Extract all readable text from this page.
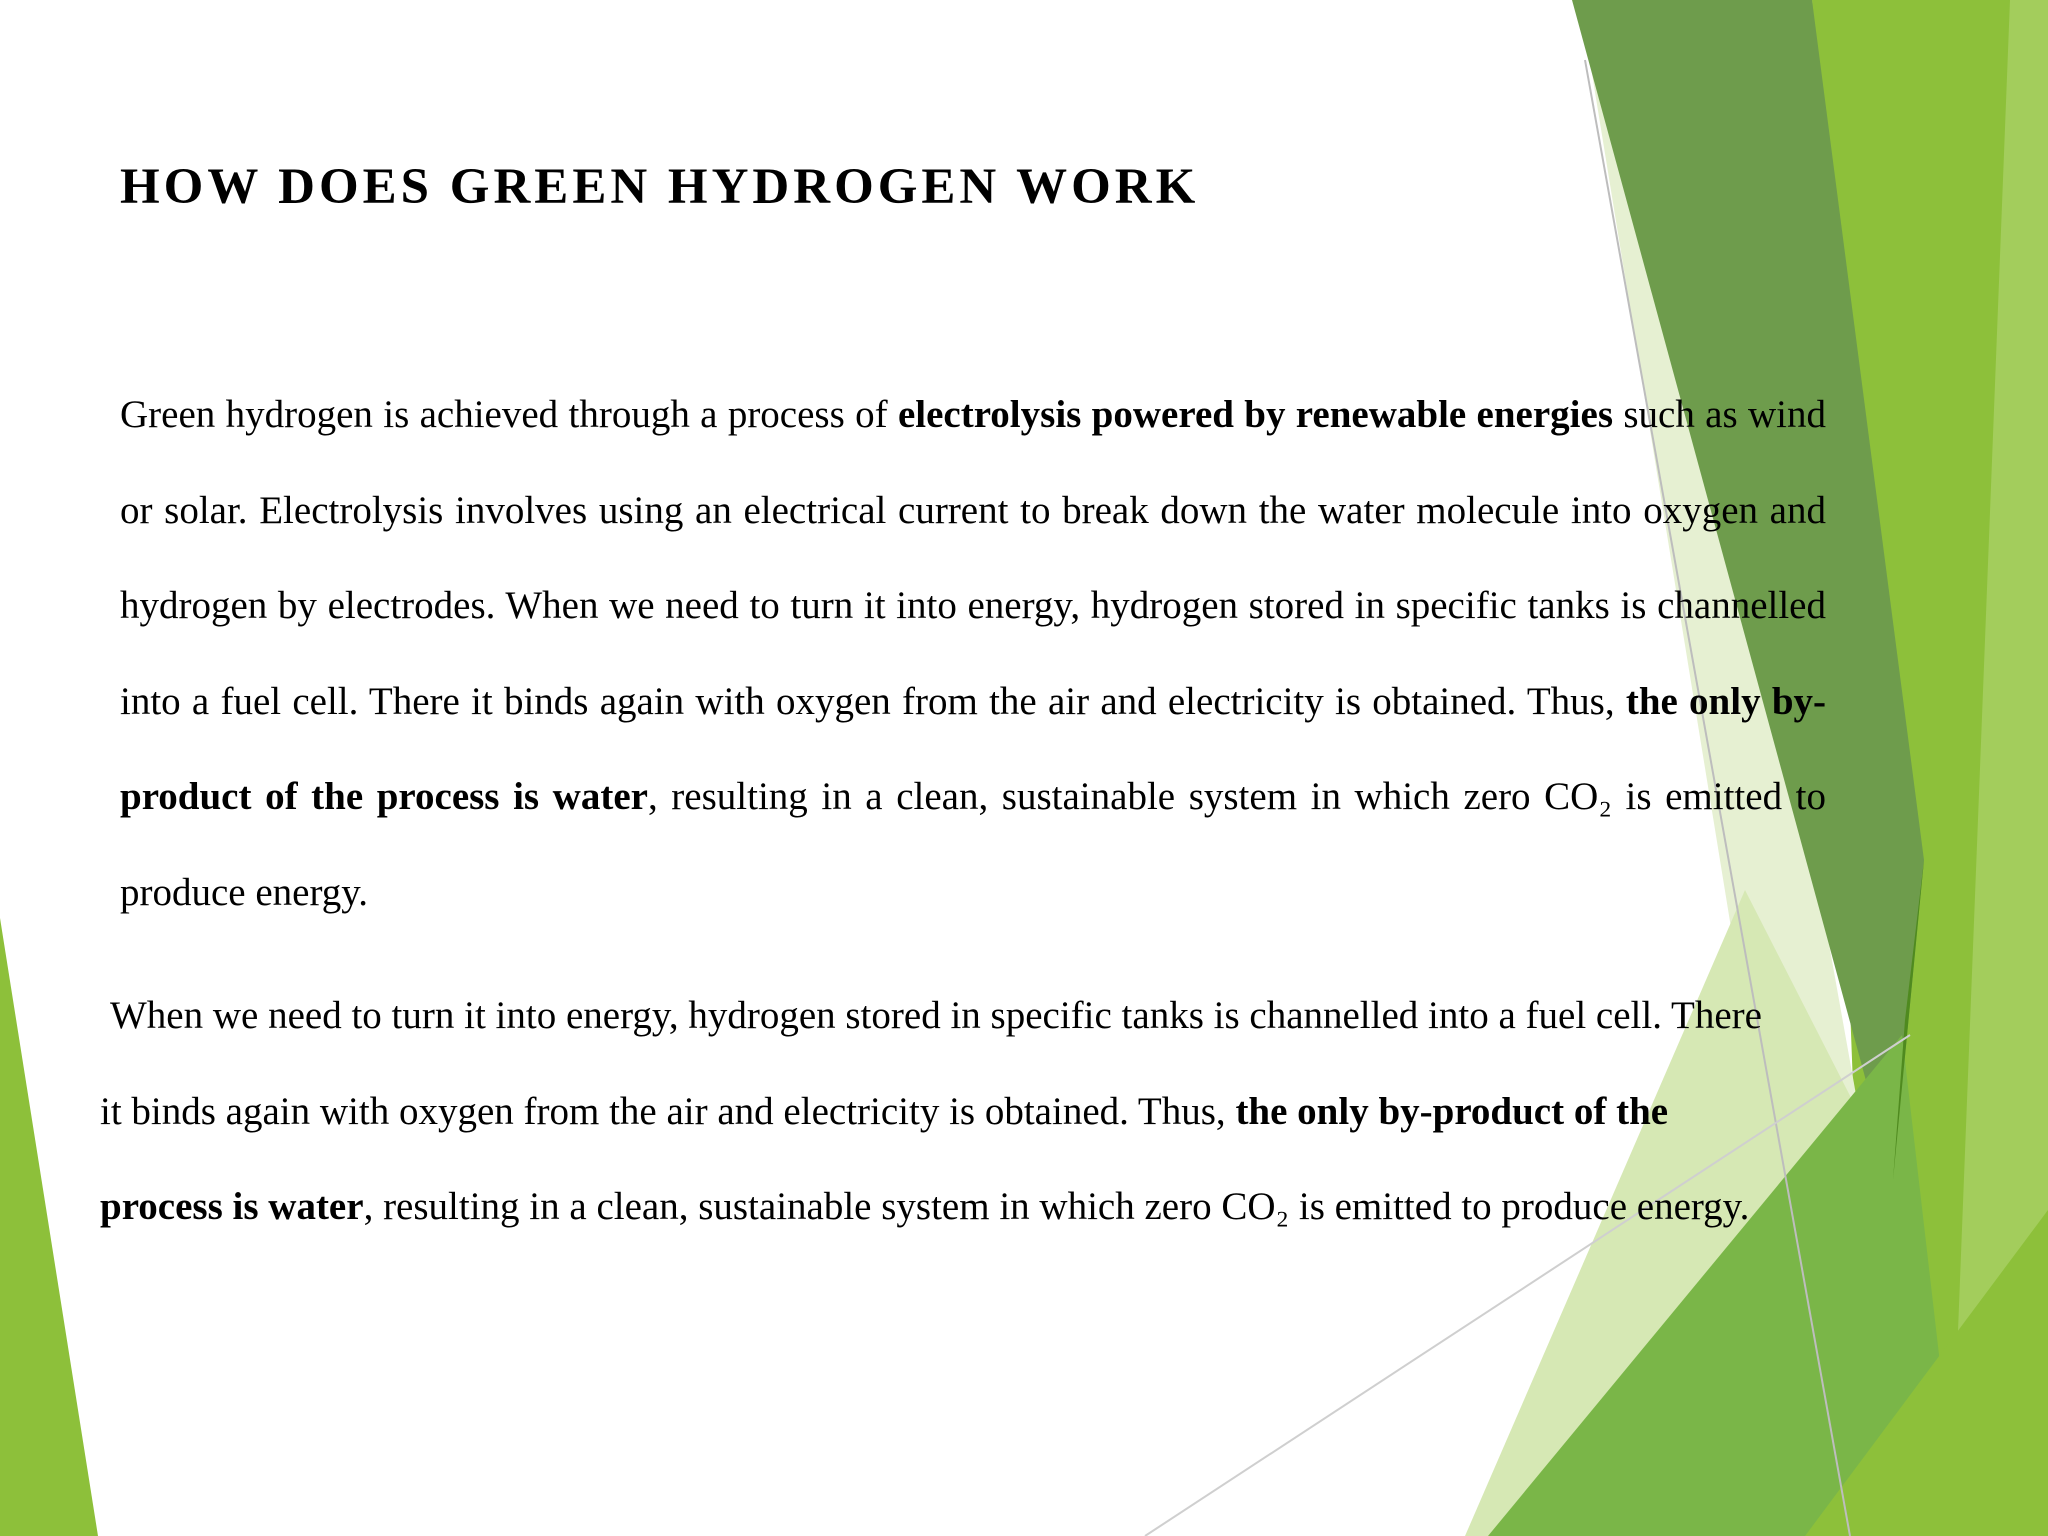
HOW DOES GREEN HYDROGEN WORK

Green hydrogen is achieved through a process of electrolysis powered by renewable energies such as wind or solar. Electrolysis involves using an electrical current to break down the water molecule into oxygen and hydrogen by electrodes. When we need to turn it into energy, hydrogen stored in specific tanks is channelled into a fuel cell. There it binds again with oxygen from the air and electricity is obtained. Thus, the only by-product of the process is water, resulting in a clean, sustainable system in which zero CO₂ is emitted to produce energy.

When we need to turn it into energy, hydrogen stored in specific tanks is channelled into a fuel cell. There
it binds again with oxygen from the air and electricity is obtained. Thus, the only by-product of the
process is water, resulting in a clean, sustainable system in which zero CO₂ is emitted to produce energy.
